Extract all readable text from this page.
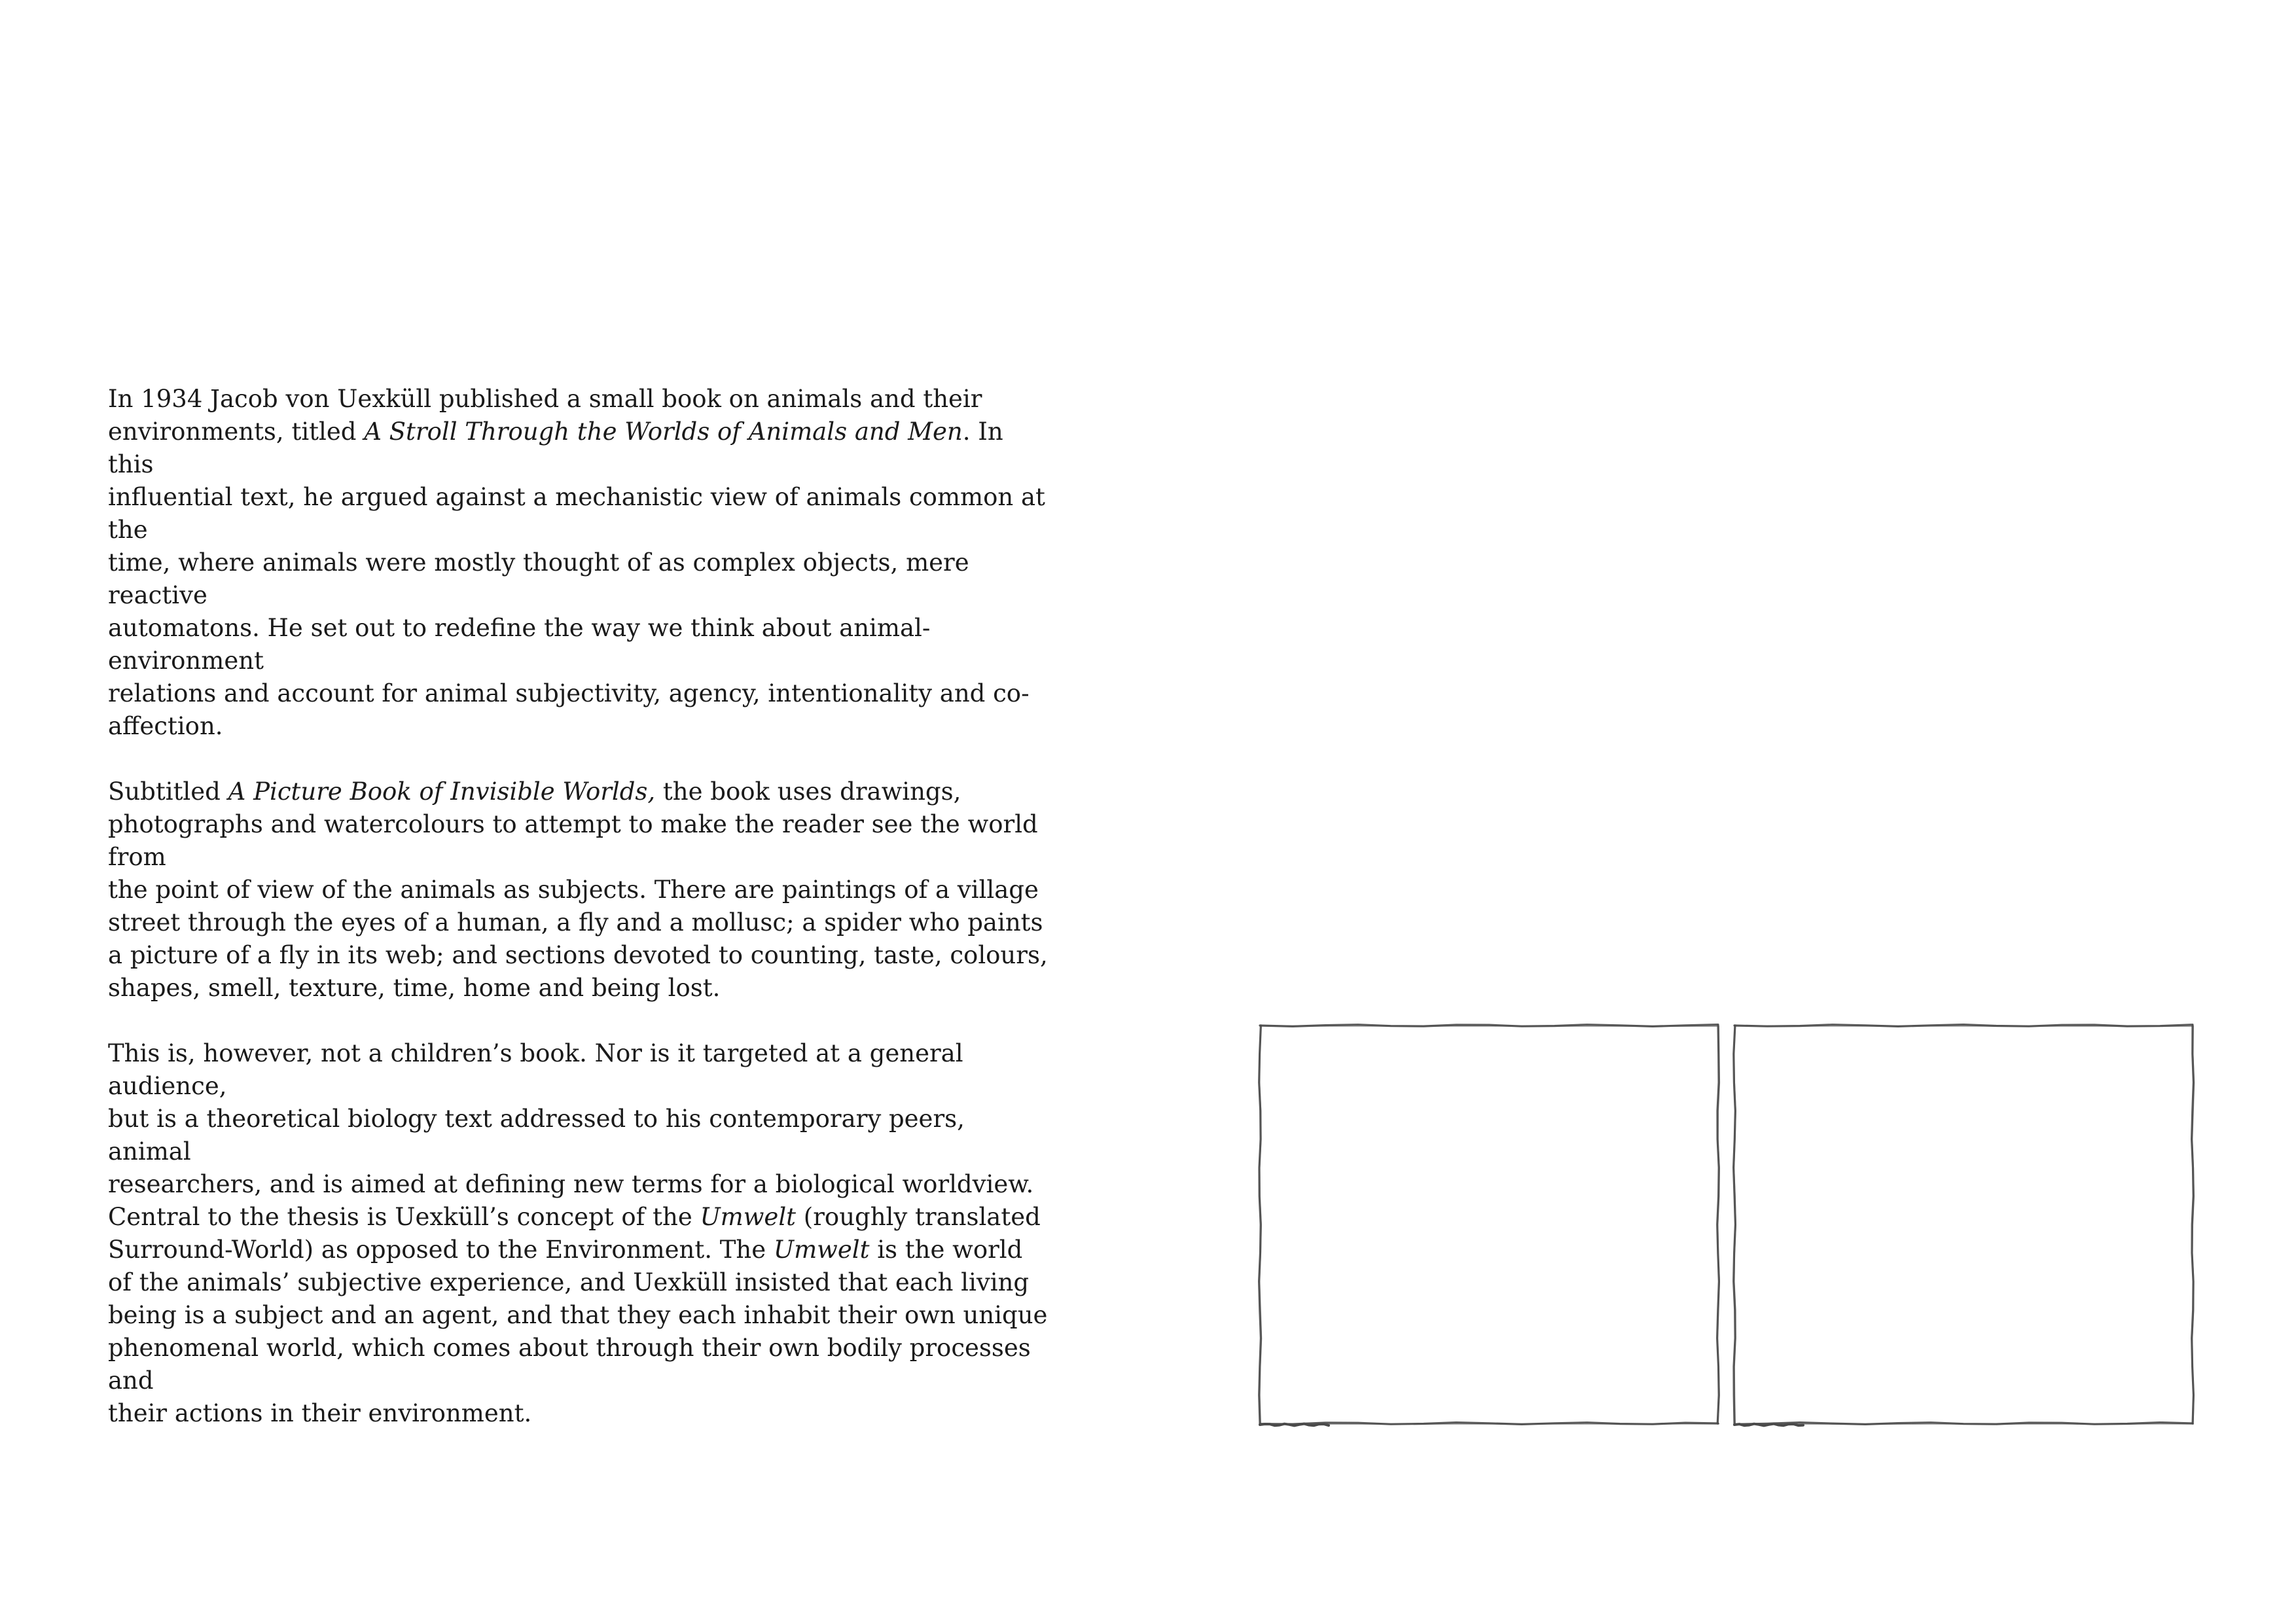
In 1934 Jacob von Uexküll published a small book on animals and their
environments, titled A Stroll Through the Worlds of Animals and Men. In this
influential text, he argued against a mechanistic view of animals common at the
time, where animals were mostly thought of as complex objects, mere reactive
automatons. He set out to redefine the way we think about animal-environment
relations and account for animal subjectivity, agency, intentionality and co-
affection.

Subtitled A Picture Book of Invisible Worlds, the book uses drawings,
photographs and watercolours to attempt to make the reader see the world from
the point of view of the animals as subjects. There are paintings of a village
street through the eyes of a human, a fly and a mollusc; a spider who paints
a picture of a fly in its web; and sections devoted to counting, taste, colours,
shapes, smell, texture, time, home and being lost.

This is, however, not a children’s book. Nor is it targeted at a general audience,
but is a theoretical biology text addressed to his contemporary peers, animal
researchers, and is aimed at defining new terms for a biological worldview.
Central to the thesis is Uexküll’s concept of the Umwelt (roughly translated
Surround-World) as opposed to the Environment. The Umwelt is the world
of the animals’ subjective experience, and Uexküll insisted that each living
being is a subject and an agent, and that they each inhabit their own unique
phenomenal world, which comes about through their own bodily processes and
their actions in their environment.
